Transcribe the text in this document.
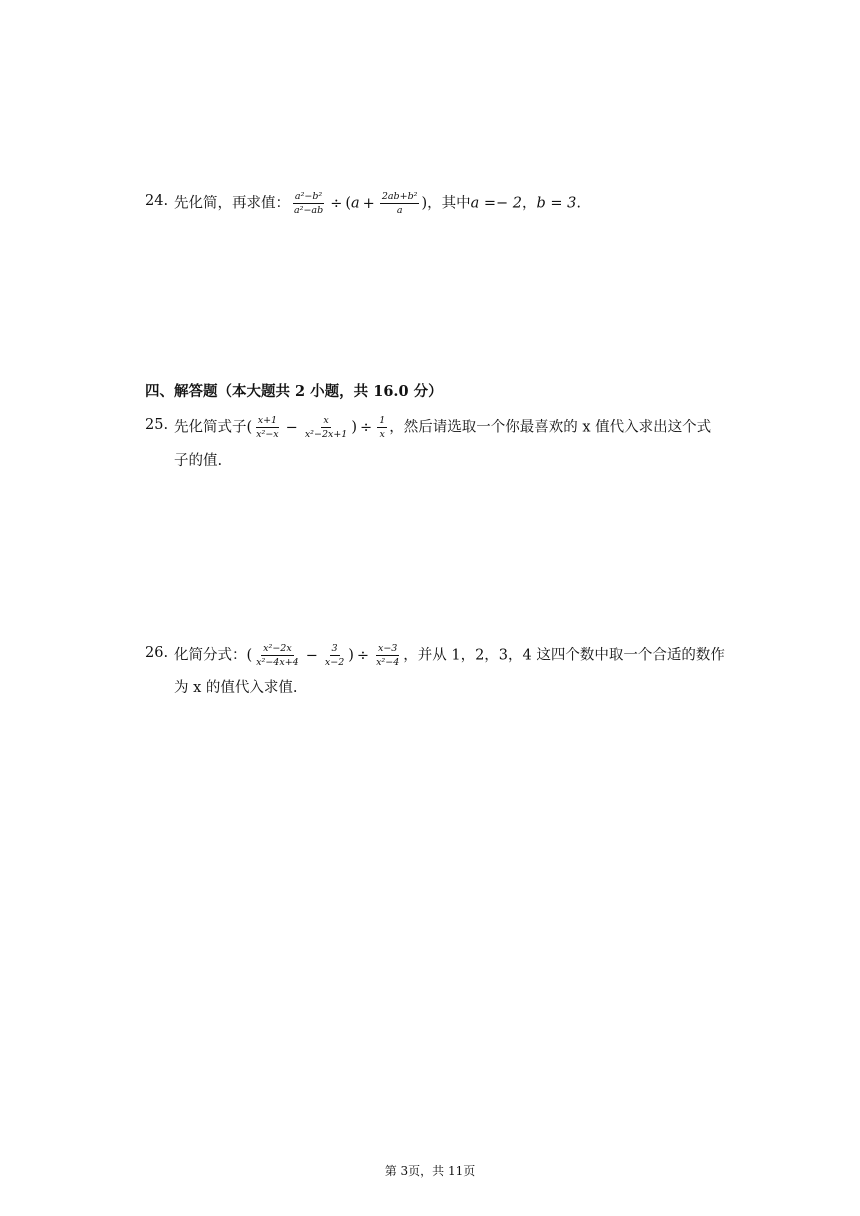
24. 先化简，再求值： $\frac{\text{a²−b²}}{\text{a²−ab}} \div (a + \frac{\text{2ab+b²}}{a}$ )，其中a =− 2，b = 3.
四、解答题（本大题共 2 小题，共 16.0 分）
25. 先化简式子( $\frac{x+1}{\text{x²−x}} - \frac{x}{\text{x²−2x+1}}$ ) ÷ $\frac{1}{x}$ ，然后请选取一个你最喜欢的 x 值代入求出这个式
子的值.
26. 化简分式：( $\frac{\text{x²−2x}}{\text{x²−4x+4}} - \frac{3}{x-2}$ ) ÷ $\frac{x-3}{\text{x²−4}}$ ，并从 1，2，3，4 这四个数中取一个合适的数作
为 x 的值代入求值.
第 3页，共 11页
